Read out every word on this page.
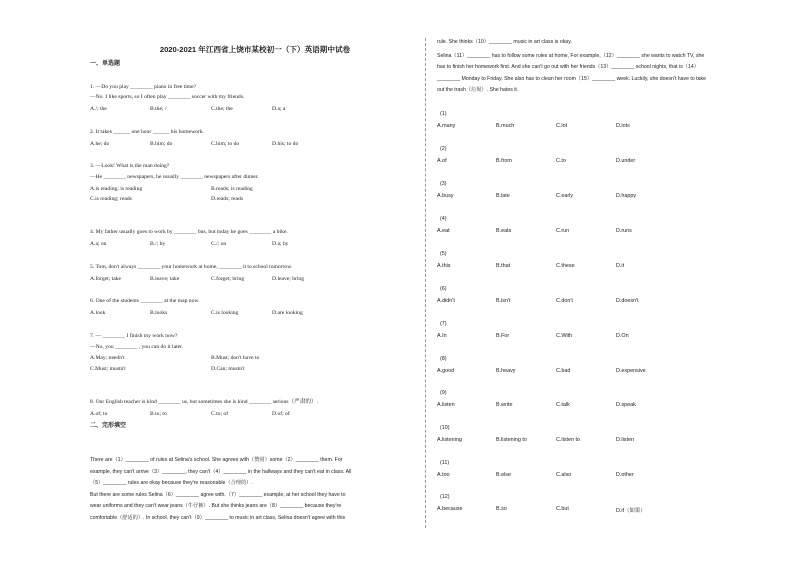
2020-2021 年江西省上饶市某校初一（下）英语期中试卷
一、单选题
1. —Do you play ________ piano in free time?
—No. I like sports, so I often play ________ soccer with my friends.
A./; the	B.the; /	C.the; the	D.a; a
2. It takes ______ one hour ______ his homework.
A.he; do	B.him; do	C.him; to do	D.his; to do
3. —Look! What is the man doing?
—He ________ newspapers, he usually ________ newspapers after dinner.
A.is reading; is reading	B.reads; is reading
C.is reading; reads	D.reads; reads
4. My father usually goes to work by ________ bus, but today he goes ________ a bike.
A.a; on	B./; by	C./; on	D.a; by
5. Tom, don't always ________ your homework at home, ________ it to school tomorrow.
A.forget; take	B.leave; take	C.forget; bring	D.leave; bring
6. One of the students ________ at the map now.
A.look	B.looks	C.is looking	D.are looking
7. — ________ I finish my work now?
—No, you ________ , you can do it later.
A.May; needn't	B.Must; don't have to
C.Must; mustn't	D.Can; mustn't
8. Our English teacher is kind ________ us, but sometimes she is kind ________ serious（严肃的）.
A.of; to	B.to; to	C.to; of	D.of; of
二、完形填空
There are（1）________ of rules at Selina's school. She agrees with（赞同）some（2）________ them. For
example, they can't arrive（3）________, they can't（4）________ in the hallways and they can't eat in class. All
（5）________ rules are okay because they're reasonable（合理的）.
But there are some rules Selina（6）________ agree with.（7）________ example, at her school they have to
wear uniforms and they can't wear jeans（牛仔裤）. But she thinks jeans are（8）________ because they're
comfortable（舒适的）. In school. they can't（9）________ to music in art class, Selina doesn't agree with this
rule. She thinks（10）________ music in art class is okay.
Selina（11）________ has to follow some rules at home, For example,（12）________ she wants to watch TV, she
has to finish her homework first. And she can't go out with her friends（13）________ school nights, that is（14）
________ Monday to Friday. She also has to clean her room（15）________ week. Luckily, she doesn't have to take
out the trash（垃圾）. She hates it.
(1)
A.many	B.much	C.lot	D.lots
(2)
A.of	B.from	C.to	D.under
(3)
A.busy	B.late	C.early	D.happy
(4)
A.eat	B.eats	C.run	D.runs
(5)
A.this	B.that	C.these	D.it
(6)
A.didn't	B.isn't	C.don't	D.doesn't
(7)
A.In	B.For	C.With	D.On
(8)
A.good	B.heavy	C.bad	D.expensive
(9)
A.listen	B.write	C.talk	D.speak
(10)
A.listening	B.listening to	C.listen to	D.listen
(11)
A.too	B.else	C.also	D.other
(12)
A.because	B.so	C.but	D.if（如果）
